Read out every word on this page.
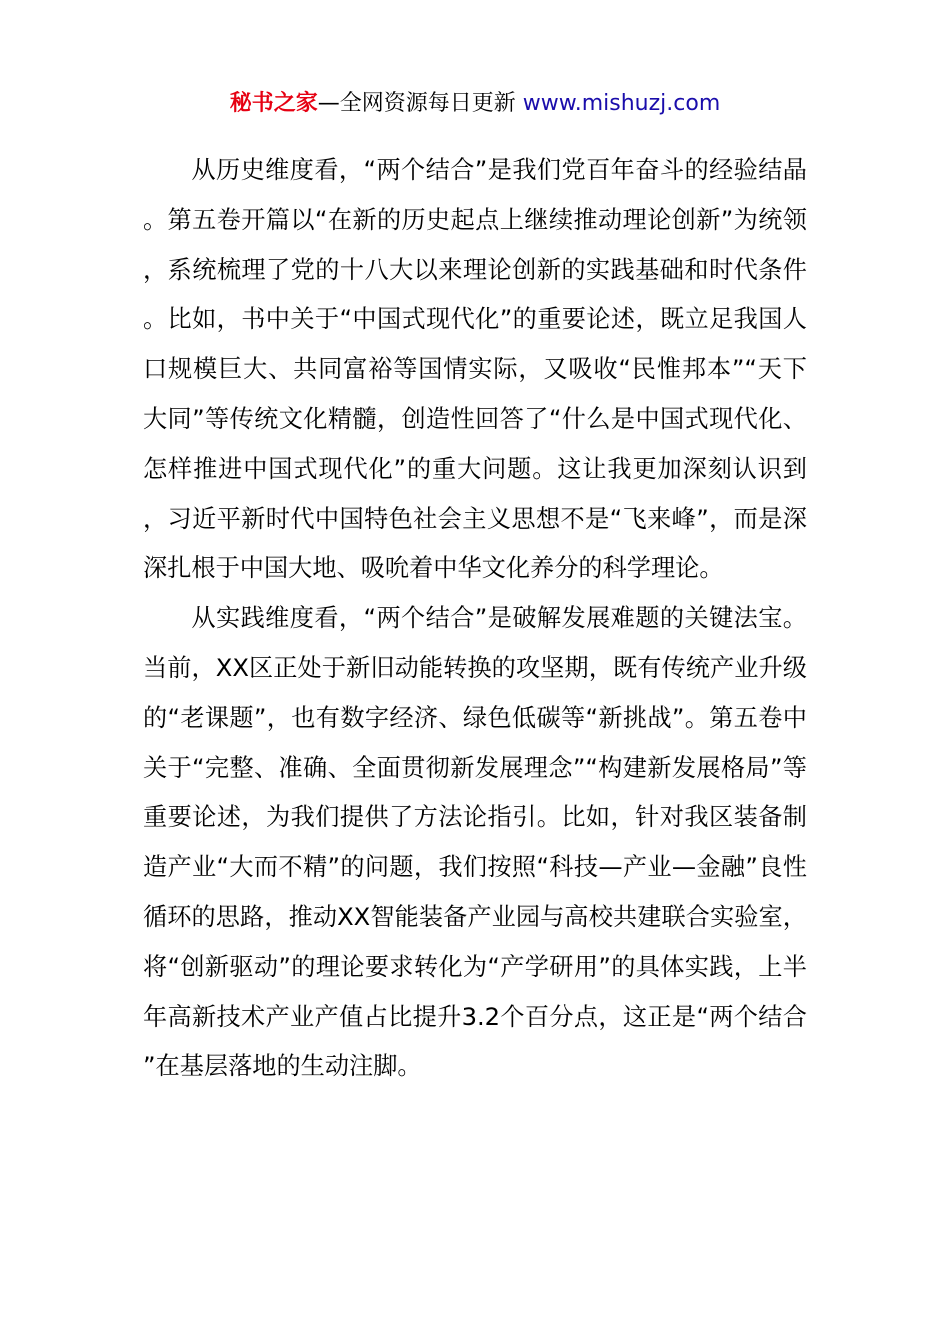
秘书之家—全网资源每日更新 www.mishuzj.com

从历史维度看，“两个结合”是我们党百年奋斗的经验结晶。第五卷开篇以“在新的历史起点上继续推动理论创新”为统领，系统梳理了党的十八大以来理论创新的实践基础和时代条件。比如，书中关于“中国式现代化”的重要论述，既立足我国人口规模巨大、共同富裕等国情实际，又吸收“民惟邦本”“天下大同”等传统文化精髓，创造性回答了“什么是中国式现代化、怎样推进中国式现代化”的重大问题。这让我更加深刻认识到，习近平新时代中国特色社会主义思想不是“飞来峰”，而是深深扎根于中国大地、吸吮着中华文化养分的科学理论。

从实践维度看，“两个结合”是破解发展难题的关键法宝。当前，XX区正处于新旧动能转换的攻坚期，既有传统产业升级的“老课题”，也有数字经济、绿色低碳等“新挑战”。第五卷中关于“完整、准确、全面贯彻新发展理念”“构建新发展格局”等重要论述，为我们提供了方法论指引。比如，针对我区装备制造产业“大而不精”的问题，我们按照“科技—产业—金融”良性循环的思路，推动XX智能装备产业园与高校共建联合实验室，将“创新驱动”的理论要求转化为“产学研用”的具体实践，上半年高新技术产业产值占比提升3.2个百分点，这正是“两个结合”在基层落地的生动注脚。
